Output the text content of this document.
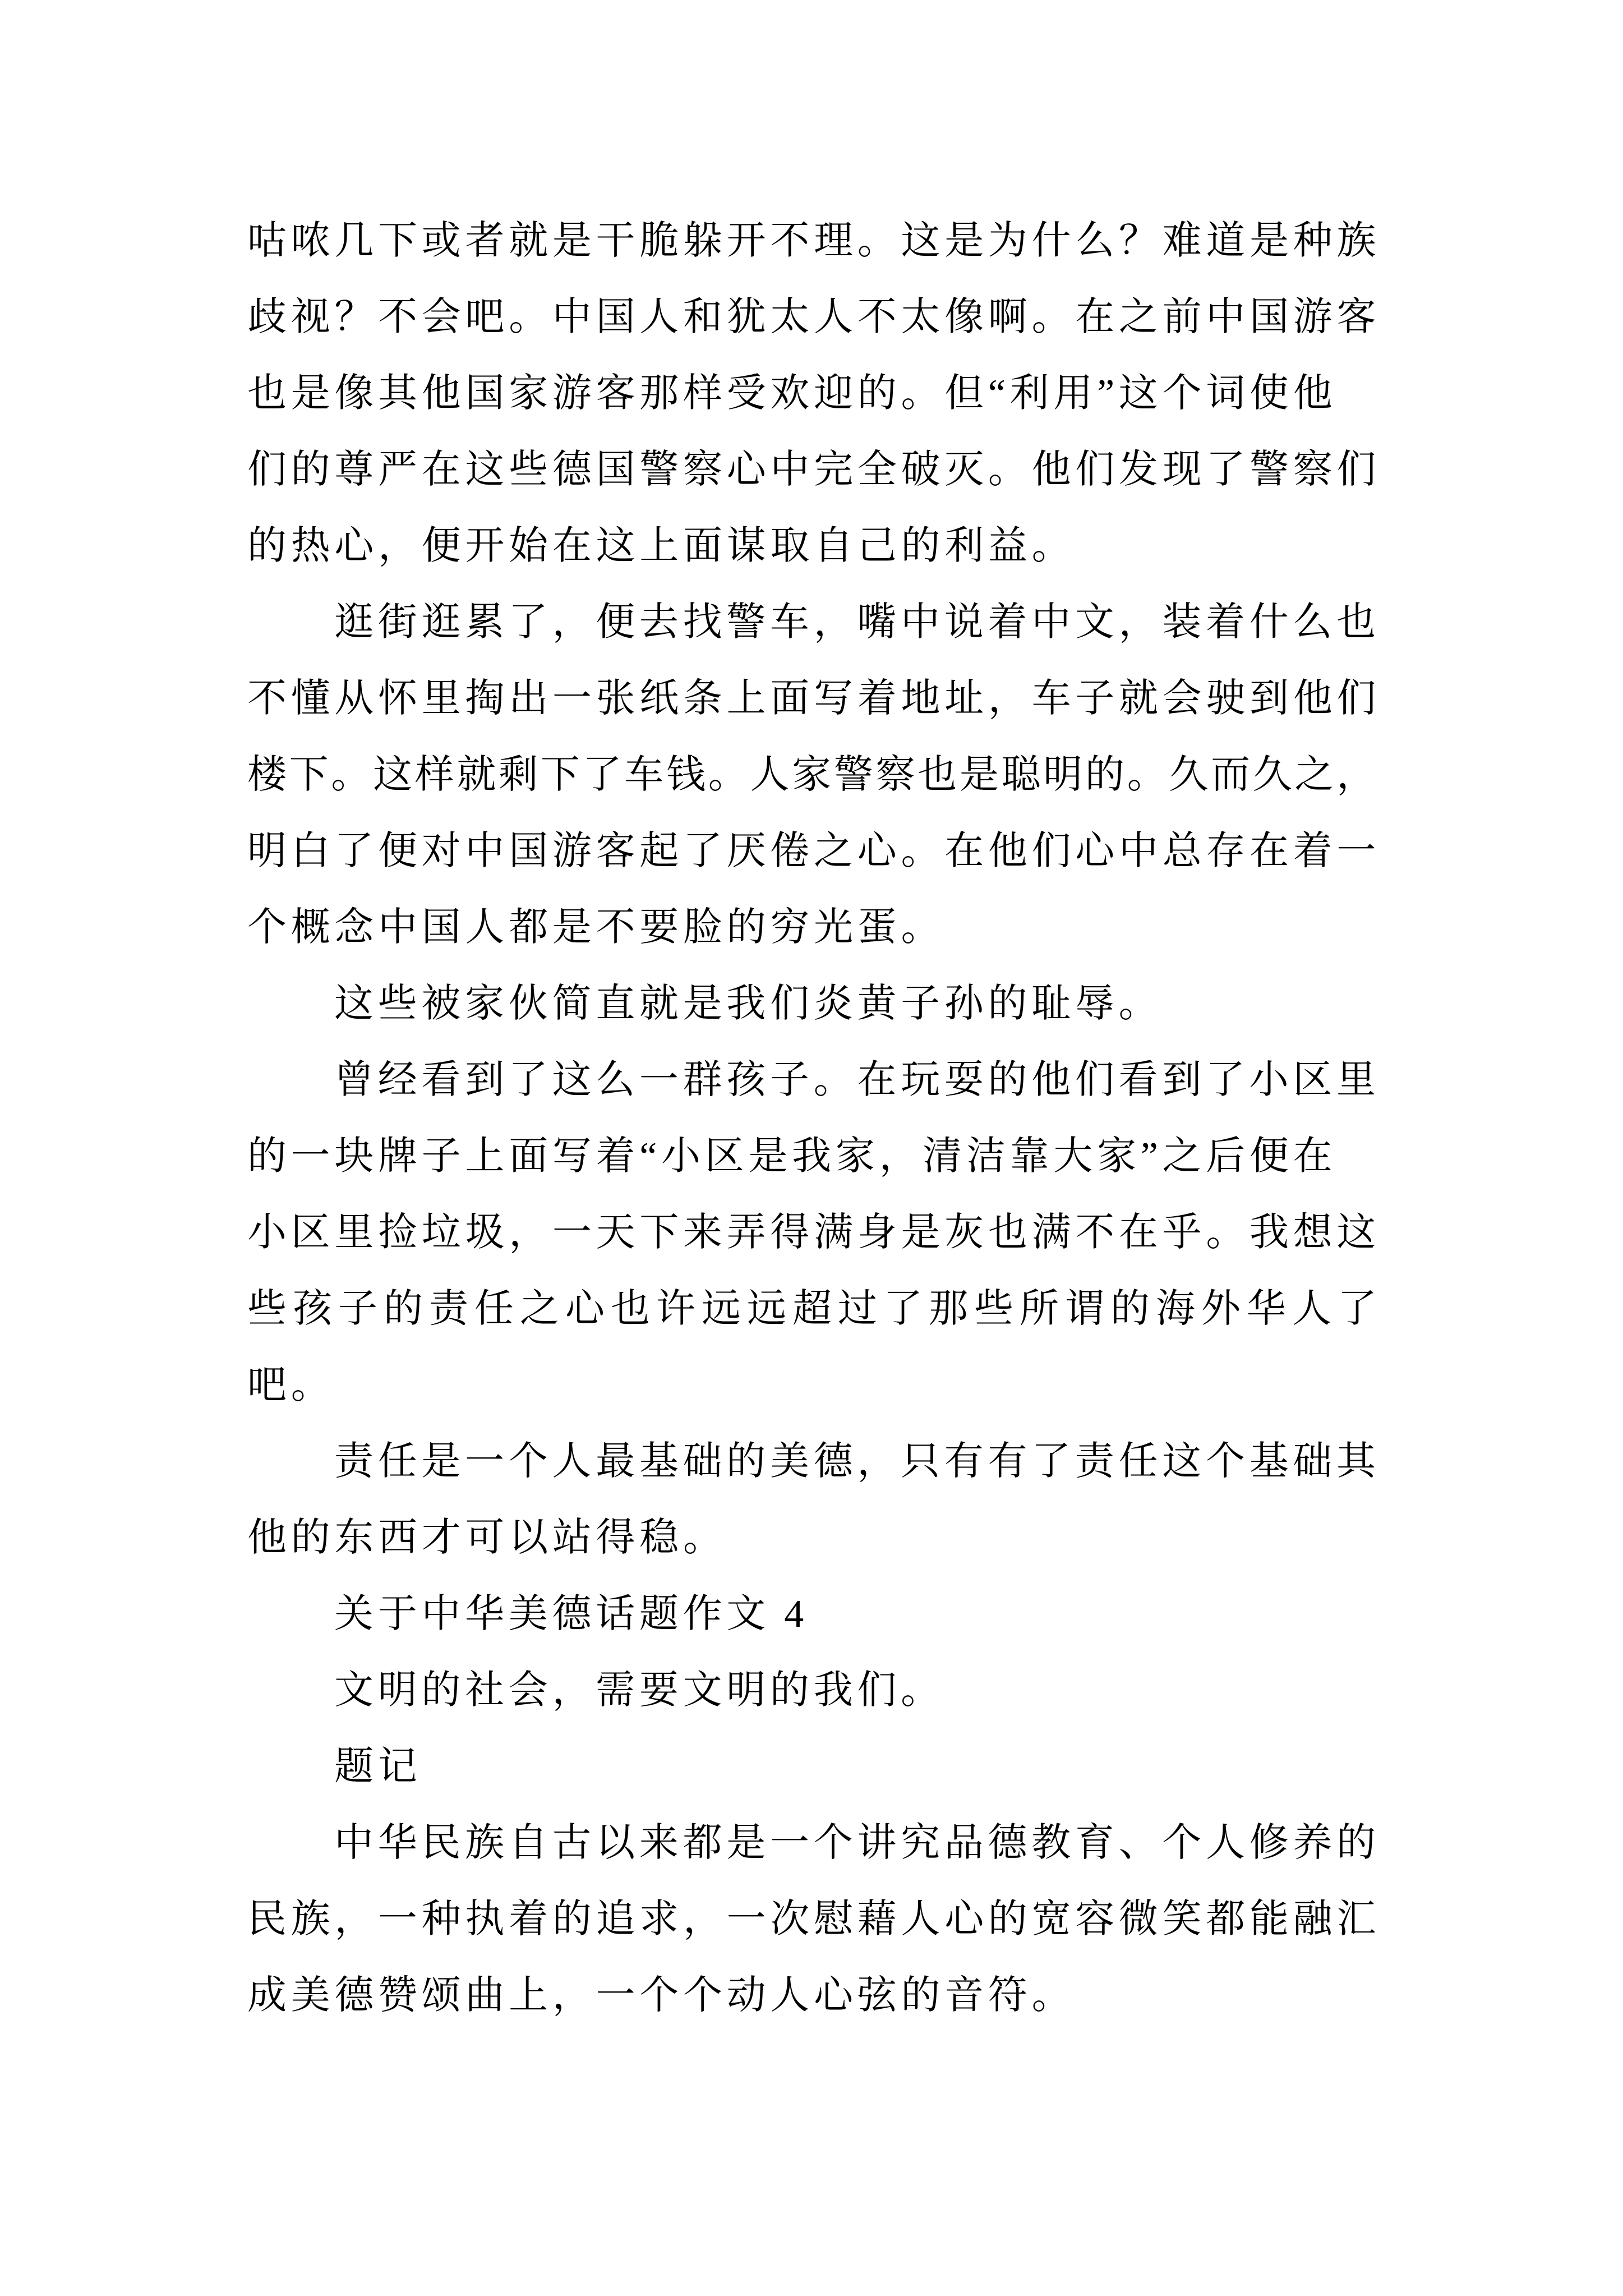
咕哝几下或者就是干脆躲开不理。这是为什么？难道是种族
歧视？不会吧。中国人和犹太人不太像啊。在之前中国游客
也是像其他国家游客那样受欢迎的。但“利用”这个词使他
们的尊严在这些德国警察心中完全破灭。他们发现了警察们
的热心，便开始在这上面谋取自己的利益。
逛街逛累了，便去找警车，嘴中说着中文，装着什么也
不懂从怀里掏出一张纸条上面写着地址，车子就会驶到他们
楼下。这样就剩下了车钱。人家警察也是聪明的。久而久之，
明白了便对中国游客起了厌倦之心。在他们心中总存在着一
个概念中国人都是不要脸的穷光蛋。
这些被家伙简直就是我们炎黄子孙的耻辱。
曾经看到了这么一群孩子。在玩耍的他们看到了小区里
的一块牌子上面写着“小区是我家，清洁靠大家”之后便在
小区里捡垃圾，一天下来弄得满身是灰也满不在乎。我想这
些孩子的责任之心也许远远超过了那些所谓的海外华人了
吧。
责任是一个人最基础的美德，只有有了责任这个基础其
他的东西才可以站得稳。
关于中华美德话题作文 4
文明的社会，需要文明的我们。
题记
中华民族自古以来都是一个讲究品德教育、个人修养的
民族，一种执着的追求，一次慰藉人心的宽容微笑都能融汇
成美德赞颂曲上，一个个动人心弦的音符。
